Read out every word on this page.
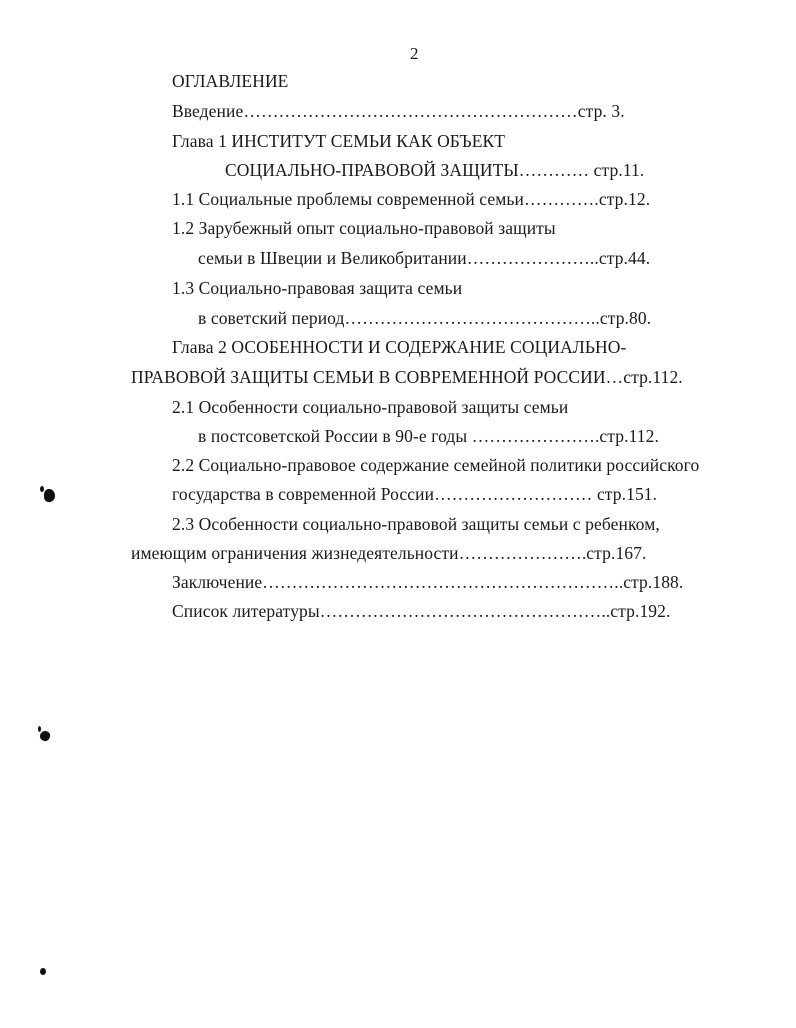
2
ОГЛАВЛЕНИЕ
Введение…………………………………………………стр. 3.
Глава 1 ИНСТИТУТ СЕМЬИ КАК ОБЪЕКТ
СОЦИАЛЬНО-ПРАВОВОЙ ЗАЩИТЫ………… стр.11.
1.1 Социальные проблемы современной семьи………….стр.12.
1.2 Зарубежный опыт социально-правовой защиты
семьи в Швеции и Великобритании…………………..стр.44.
1.3 Социально-правовая защита семьи
в советский период……………………………………..стр.80.
Глава 2 ОСОБЕННОСТИ И СОДЕРЖАНИЕ СОЦИАЛЬНО-
ПРАВОВОЙ ЗАЩИТЫ СЕМЬИ В СОВРЕМЕННОЙ РОССИИ…стр.112.
2.1 Особенности социально-правовой защиты семьи
в постсоветской России в 90-е годы ………………….стр.112.
2.2 Социально-правовое содержание семейной политики российского
государства в современной России……………………… стр.151.
2.3 Особенности социально-правовой защиты семьи с ребенком,
имеющим ограничения жизнедеятельности………………….стр.167.
Заключение……………………………………………………..стр.188.
Список литературы…………………………………………..стр.192.
